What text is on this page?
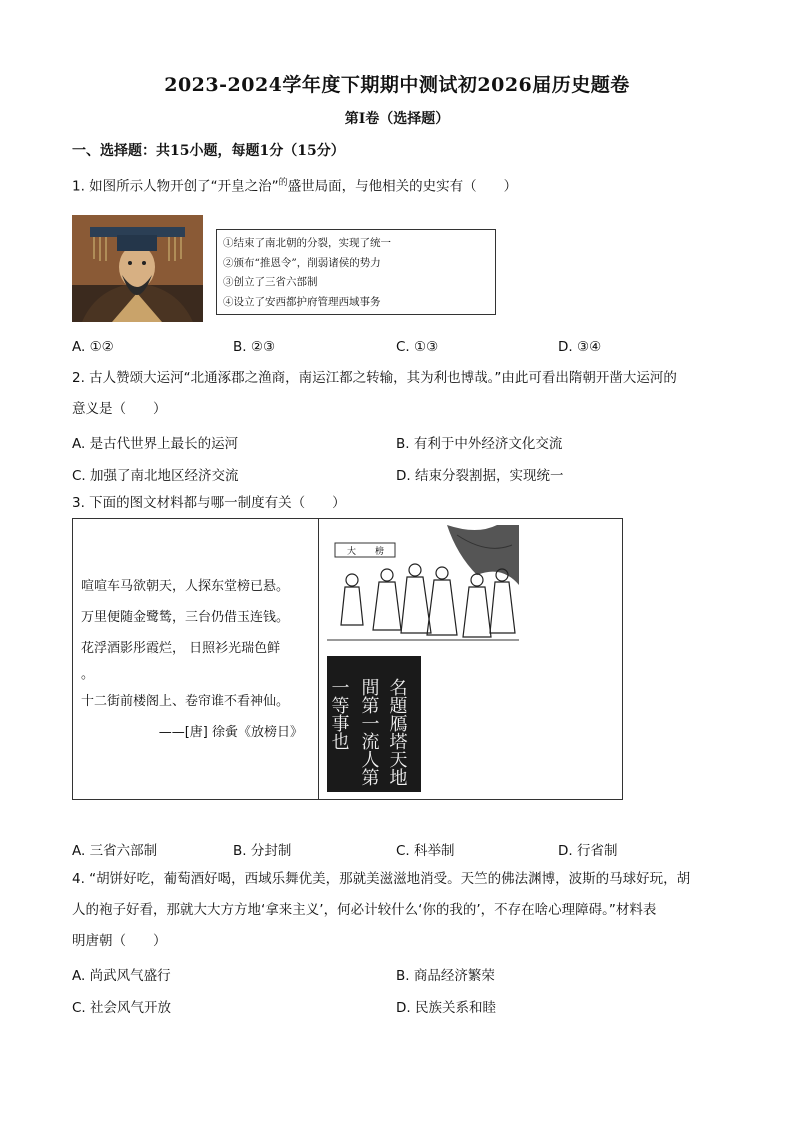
2023-2024学年度下期期中测试初2026届历史题卷
第Ⅰ卷（选择题）
一、选择题：共15小题，每题1分（15分）
1. 如图所示人物开创了“开皇之治”$^的$盛世局面，与他相关的史实有（　　）
①结束了南北朝的分裂，实现了统一
②颁布“推恩令”，削弱诸侯的势力
③创立了三省六部制
④设立了安西都护府管理西域事务
A. ①②	B. ②③	C. ①③	D. ③④
2. 古人赞颂大运河“北通涿郡之渔商，南运江都之转输，其为利也博哉。”由此可看出隋朝开凿大运河的
意义是（　　）
A. 是古代世界上最长的运河	B. 有利于中外经济文化交流
C. 加强了南北地区经济交流	D. 结束分裂割据，实现统一
3. 下面的图文材料都与哪一制度有关（　　）
喧喧车马欲朝天，人探东堂榜已悬。
万里便随金鹭鸶，三台仍借玉连钱。
花浮酒影彤霞烂， 日照衫光瑞色鲜
。
十二街前楼阁上、卷帘谁不看神仙。
——[唐] 徐夤《放榜日》
大 榜
名題鴈塔天地
間第一流人第
一等事也
A. 三省六部制	B. 分封制	C. 科举制	D. 行省制
4. “胡饼好吃，葡萄酒好喝，西域乐舞优美，那就美滋滋地消受。天竺的佛法渊博，波斯的马球好玩，胡
人的袍子好看，那就大大方方地‘拿来主义’，何必计较什么‘你的我的’，不存在啥心理障碍。”材料表
明唐朝（　　）
A. 尚武风气盛行	B. 商品经济繁荣
C. 社会风气开放	D. 民族关系和睦
